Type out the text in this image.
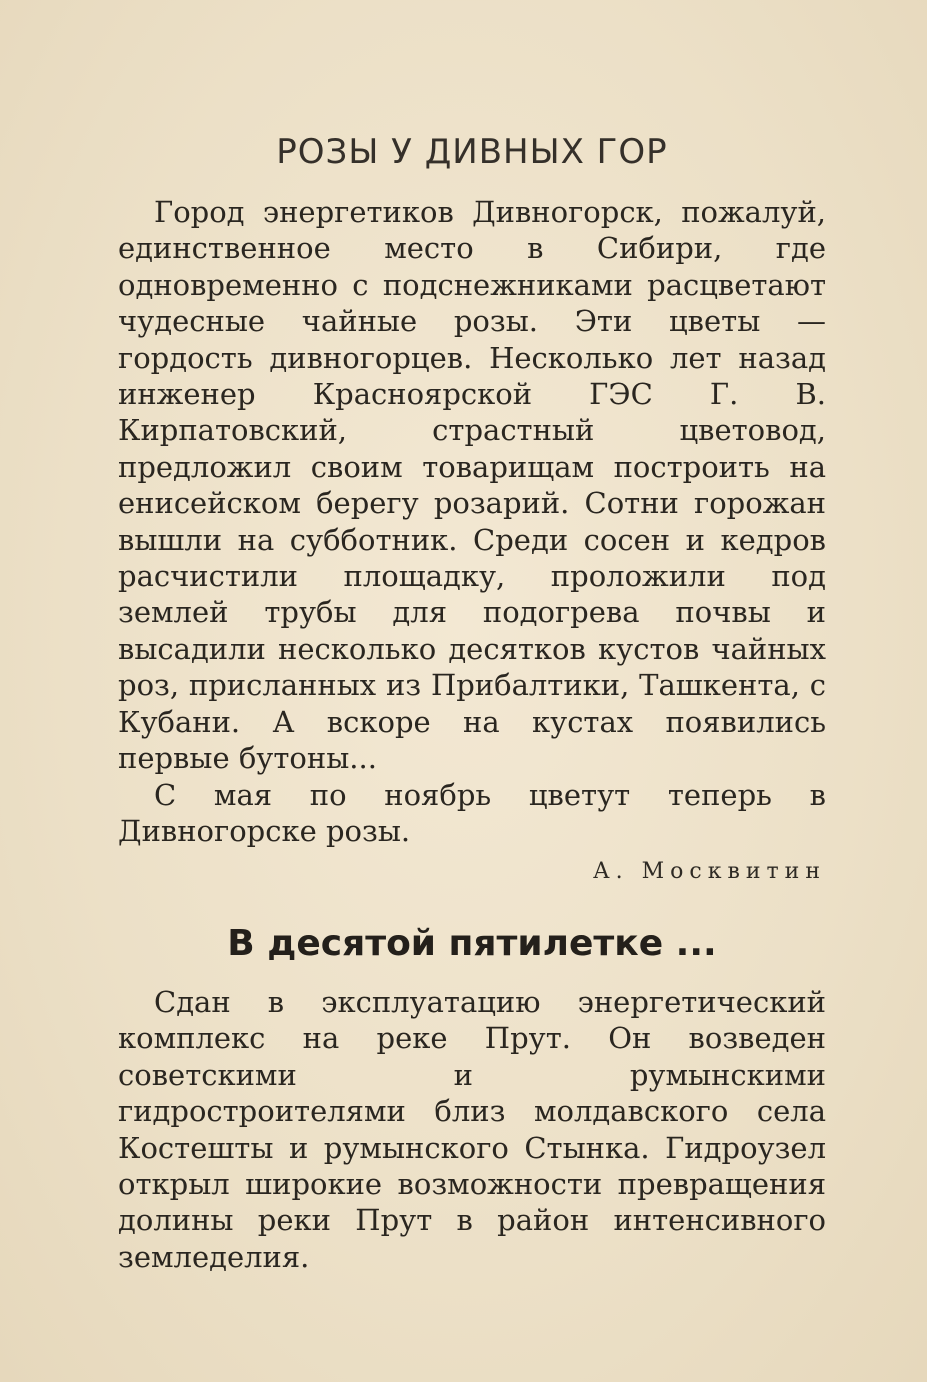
РОЗЫ У ДИВНЫХ ГОР

Город энергетиков Дивногорск, пожалуй, единственное место в Сибири, где одновременно с подснежниками расцветают чудесные чайные розы. Эти цветы — гордость дивногорцев. Несколько лет назад инженер Красноярской ГЭС Г. В. Кирпатовский, страстный цветовод, предложил своим товарищам построить на енисейском берегу розарий. Сотни горожан вышли на субботник. Среди сосен и кедров расчистили площадку, проложили под землей трубы для подогрева почвы и высадили несколько десятков кустов чайных роз, присланных из Прибалтики, Ташкента, с Кубани. А вскоре на кустах появились первые бутоны...

С мая по ноябрь цветут теперь в Дивногорске розы.

А. Москвитин
В десятой пятилетке ...

Сдан в эксплуатацию энергетический комплекс на реке Прут. Он возведен советскими и румынскими гидростроителями близ молдавского села Костешты и румынского Стынка. Гидроузел открыл широкие возможности превращения долины реки Прут в район интенсивного земледелия.
